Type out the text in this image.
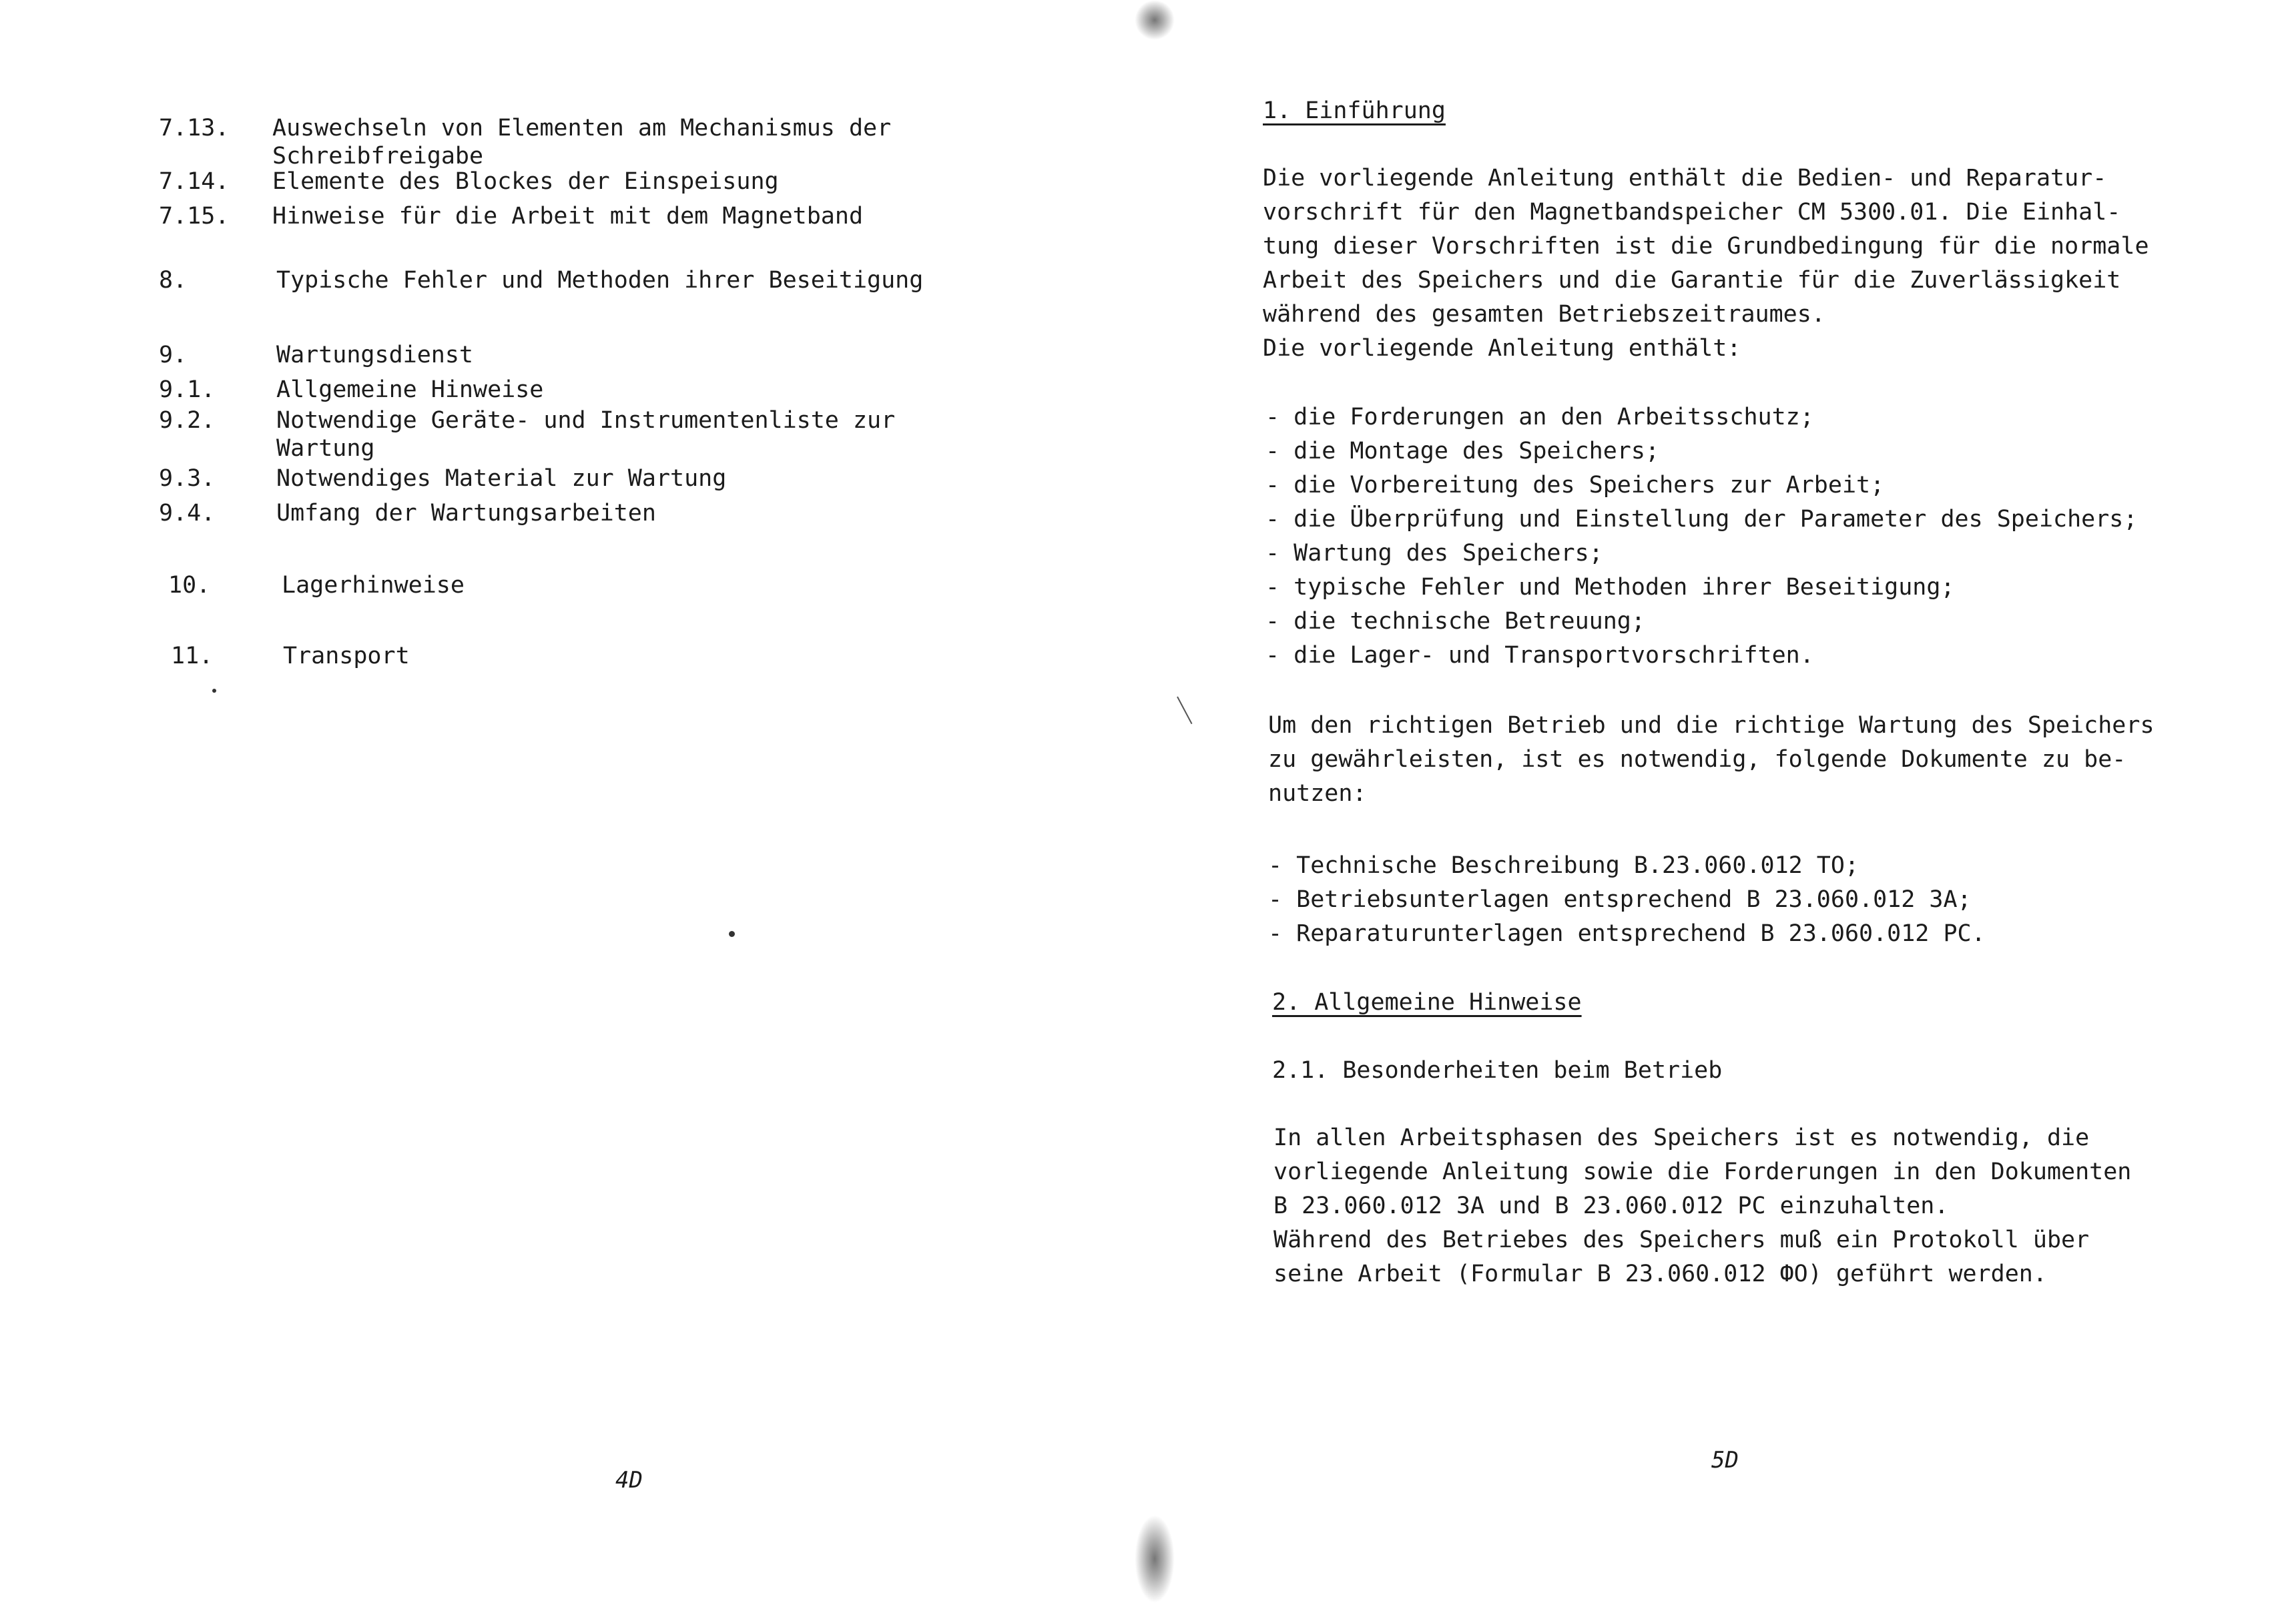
7.13. Auswechseln von Elementen am Mechanismus der
Schreibfreigabe
7.14. Elemente des Blockes der Einspeisung
7.15. Hinweise für die Arbeit mit dem Magnetband
8.	Typische Fehler und Methoden ihrer Beseitigung
9.	Wartungsdienst
9.1.	Allgemeine Hinweise
9.2.	Notwendige Geräte- und Instrumentenliste zur
Wartung
9.3.	Notwendiges Material zur Wartung
9.4.	Umfang der Wartungsarbeiten
10.	Lagerhinweise
11.	Transport
4D
1. Einführung
Die vorliegende Anleitung enthält die Bedien- und Reparatur-
vorschrift für den Magnetbandspeicher CM 5300.01. Die Einhal-
tung dieser Vorschriften ist die Grundbedingung für die normale
Arbeit des Speichers und die Garantie für die Zuverlässigkeit
während des gesamten Betriebszeitraumes.
Die vorliegende Anleitung enthält:
- die Forderungen an den Arbeitsschutz;
- die Montage des Speichers;
- die Vorbereitung des Speichers zur Arbeit;
- die Überprüfung und Einstellung der Parameter des Speichers;
- Wartung des Speichers;
- typische Fehler und Methoden ihrer Beseitigung;
- die technische Betreuung;
- die Lager- und Transportvorschriften.
Um den richtigen Betrieb und die richtige Wartung des Speichers
zu gewährleisten, ist es notwendig, folgende Dokumente zu be-
nutzen:
- Technische Beschreibung B.23.060.012 TO;
- Betriebsunterlagen entsprechend B 23.060.012 3A;
- Reparaturunterlagen entsprechend B 23.060.012 PC.
2. Allgemeine Hinweise
2.1. Besonderheiten beim Betrieb
In allen Arbeitsphasen des Speichers ist es notwendig, die
vorliegende Anleitung sowie die Forderungen in den Dokumenten
B 23.060.012 3A und B 23.060.012 PC einzuhalten.
Während des Betriebes des Speichers muß ein Protokoll über
seine Arbeit (Formular B 23.060.012 ФО) geführt werden.
5D
